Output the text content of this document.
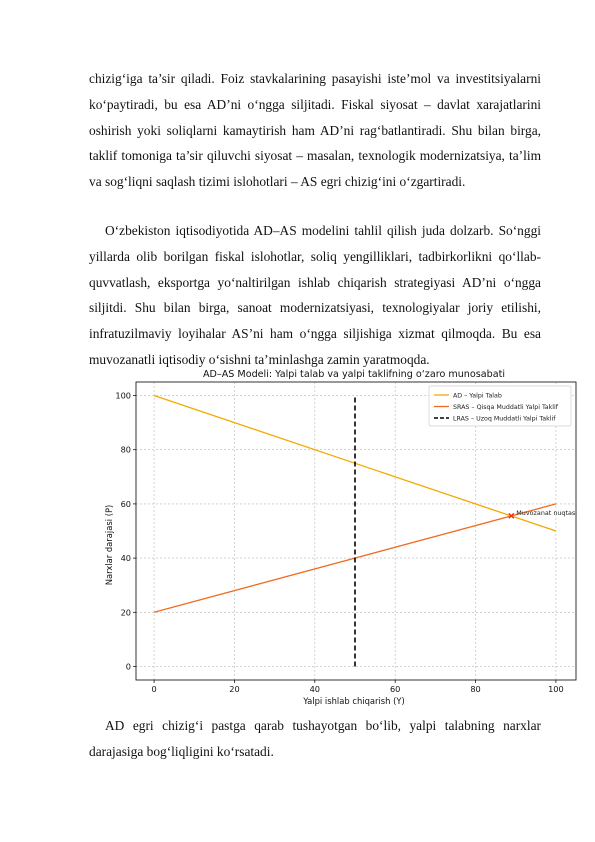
chizig‘iga ta’sir qiladi. Foiz stavkalarining pasayishi iste’mol va investitsiyalarni ko‘paytiradi, bu esa AD’ni o‘ngga siljitadi. Fiskal siyosat – davlat xarajatlarini oshirish yoki soliqlarni kamaytirish ham AD’ni rag‘batlantiradi. Shu bilan birga, taklif tomoniga ta’sir qiluvchi siyosat – masalan, texnologik modernizatsiya, ta’lim va sog‘liqni saqlash tizimi islohotlari – AS egri chizig‘ini o‘zgartiradi.

O‘zbekiston iqtisodiyotida AD–AS modelini tahlil qilish juda dolzarb. So‘nggi yillarda olib borilgan fiskal islohotlar, soliq yengilliklari, tadbirkorlikni qo‘llab-quvvatlash, eksportga yo‘naltirilgan ishlab chiqarish strategiyasi AD’ni o‘ngga siljitdi. Shu bilan birga, sanoat modernizatsiyasi, texnologiyalar joriy etilishi, infratuzilmaviy loyihalar AS’ni ham o‘ngga siljishiga xizmat qilmoqda. Bu esa muvozanatli iqtisodiy o‘sishni ta’minlashga zamin yaratmoqda.

AD–AS Modeli: Yalpi talab va yalpi taklifning o‘zaro munosabati
0	20	40	60	80	100
0
20
40
60
80
100
Muvozanat nuqtasi
AD – Yalpi Talab
SRAS – Qisqa Muddatli Yalpi Taklif
LRAS – Uzoq Muddatli Yalpi Taklif
Yalpi ishlab chiqarish (Y)
Narxlar darajasi (P)

AD egri chizig‘i pastga qarab tushayotgan bo‘lib, yalpi talabning narxlar darajasiga bog‘liqligini ko‘rsatadi.
